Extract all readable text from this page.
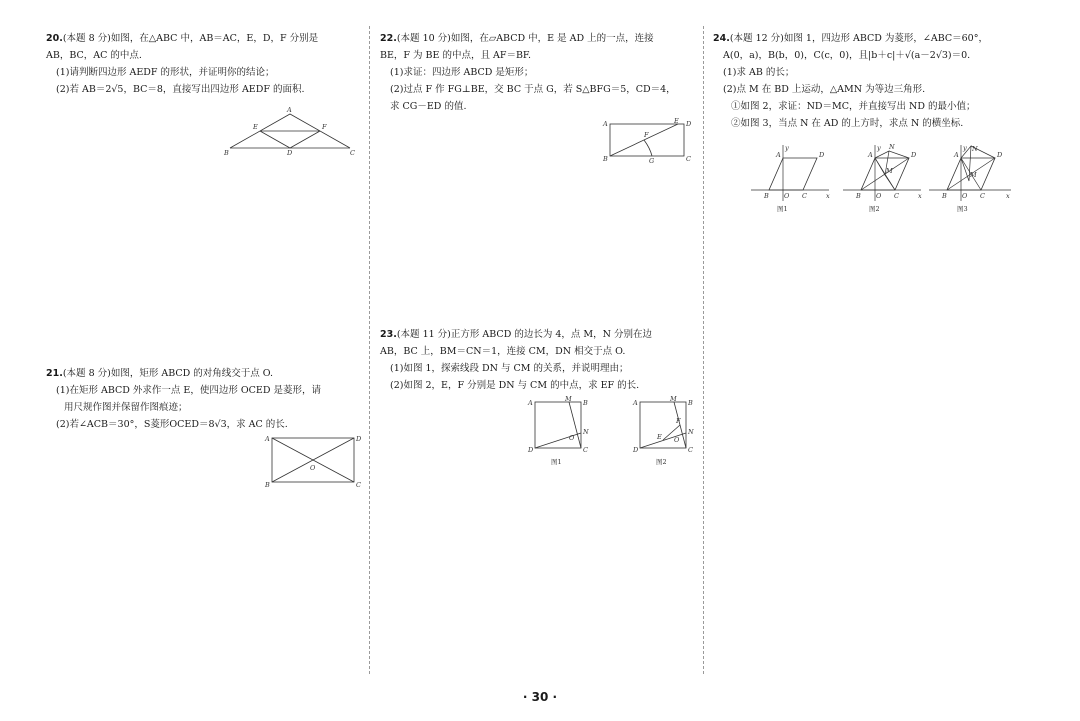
20.(本题 8 分)如图，在△ABC 中，AB＝AC，E，D，F 分别是
AB，BC，AC 的中点.
(1)请判断四边形 AEDF 的形状，并证明你的结论；
(2)若 AB＝2√5，BC＝8，直接写出四边形 AEDF 的面积.
A
E	F
B	D	C
21.(本题 8 分)如图，矩形 ABCD 的对角线交于点 O.
(1)在矩形 ABCD 外求作一点 E，使四边形 OCED 是菱形，请
用尺规作图并保留作图痕迹；
(2)若∠ACB＝30°，S菱形OCED＝8√3，求 AC 的长.
A	D
O
B	C
22.(本题 10 分)如图，在▱ABCD 中，E 是 AD 上的一点，连接
BE，F 为 BE 的中点，且 AF＝BF.
(1)求证：四边形 ABCD 是矩形；
(2)过点 F 作 FG⊥BE，交 BC 于点 G，若 S△BFG＝5，CD＝4，
求 CG－ED 的值.
A	E D
F
B	G	C
23.(本题 11 分)正方形 ABCD 的边长为 4，点 M，N 分别在边
AB，BC 上，BM＝CN＝1，连接 CM，DN 相交于点 O.
(1)如图 1，探索线段 DN 与 CM 的关系，并说明理由；
(2)如图 2，E，F 分别是 DN 与 CM 的中点，求 EF 的长.
A	M B
N
O
D	C
图1
A	M B
N
E
F
O
D	C
图2
24.(本题 12 分)如图 1，四边形 ABCD 为菱形，∠ABC＝60°，
A(0，a)，B(b，0)，C(c，0)，且|b＋c|＋√(a－2√3)＝0.
(1)求 AB 的长；
(2)点 M 在 BD 上运动，△AMN 为等边三角形.
①如图 2，求证：ND＝MC，并直接写出 ND 的最小值；
②如图 3，当点 N 在 AD 的上方时，求点 N 的横坐标.
y
A	D
B O C	x
图1
y
A	D
N
M
B O C	x
图2
y
A	D
N
M
B O C	x
图3
· 30 ·
